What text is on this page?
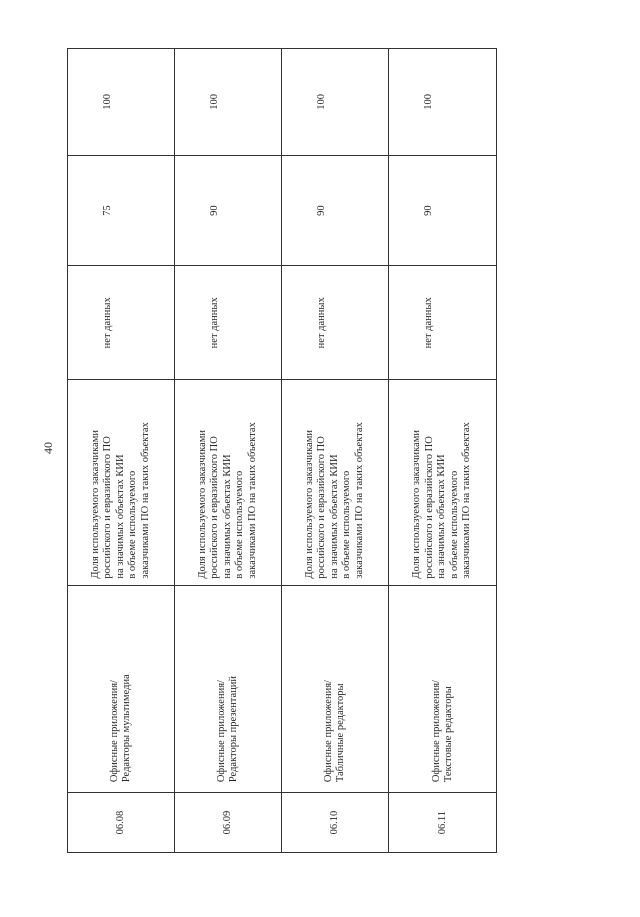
40
06.08
Офисные приложения/
Редакторы мультимедиа
Доля используемого заказчиками
российского и евразийского ПО
на значимых объектах КИИ
в объеме используемого
заказчиками ПО на таких объектах
нет данных
75
100
06.09
Офисные приложения/
Редакторы презентаций
Доля используемого заказчиками
российского и евразийского ПО
на значимых объектах КИИ
в объеме используемого
заказчиками ПО на таких объектах
нет данных
90
100
06.10
Офисные приложения/
Табличные редакторы
Доля используемого заказчиками
российского и евразийского ПО
на значимых объектах КИИ
в объеме используемого
заказчиками ПО на таких объектах
нет данных
90
100
06.11
Офисные приложения/
Текстовые редакторы
Доля используемого заказчиками
российского и евразийского ПО
на значимых объектах КИИ
в объеме используемого
заказчиками ПО на таких объектах
нет данных
90
100
